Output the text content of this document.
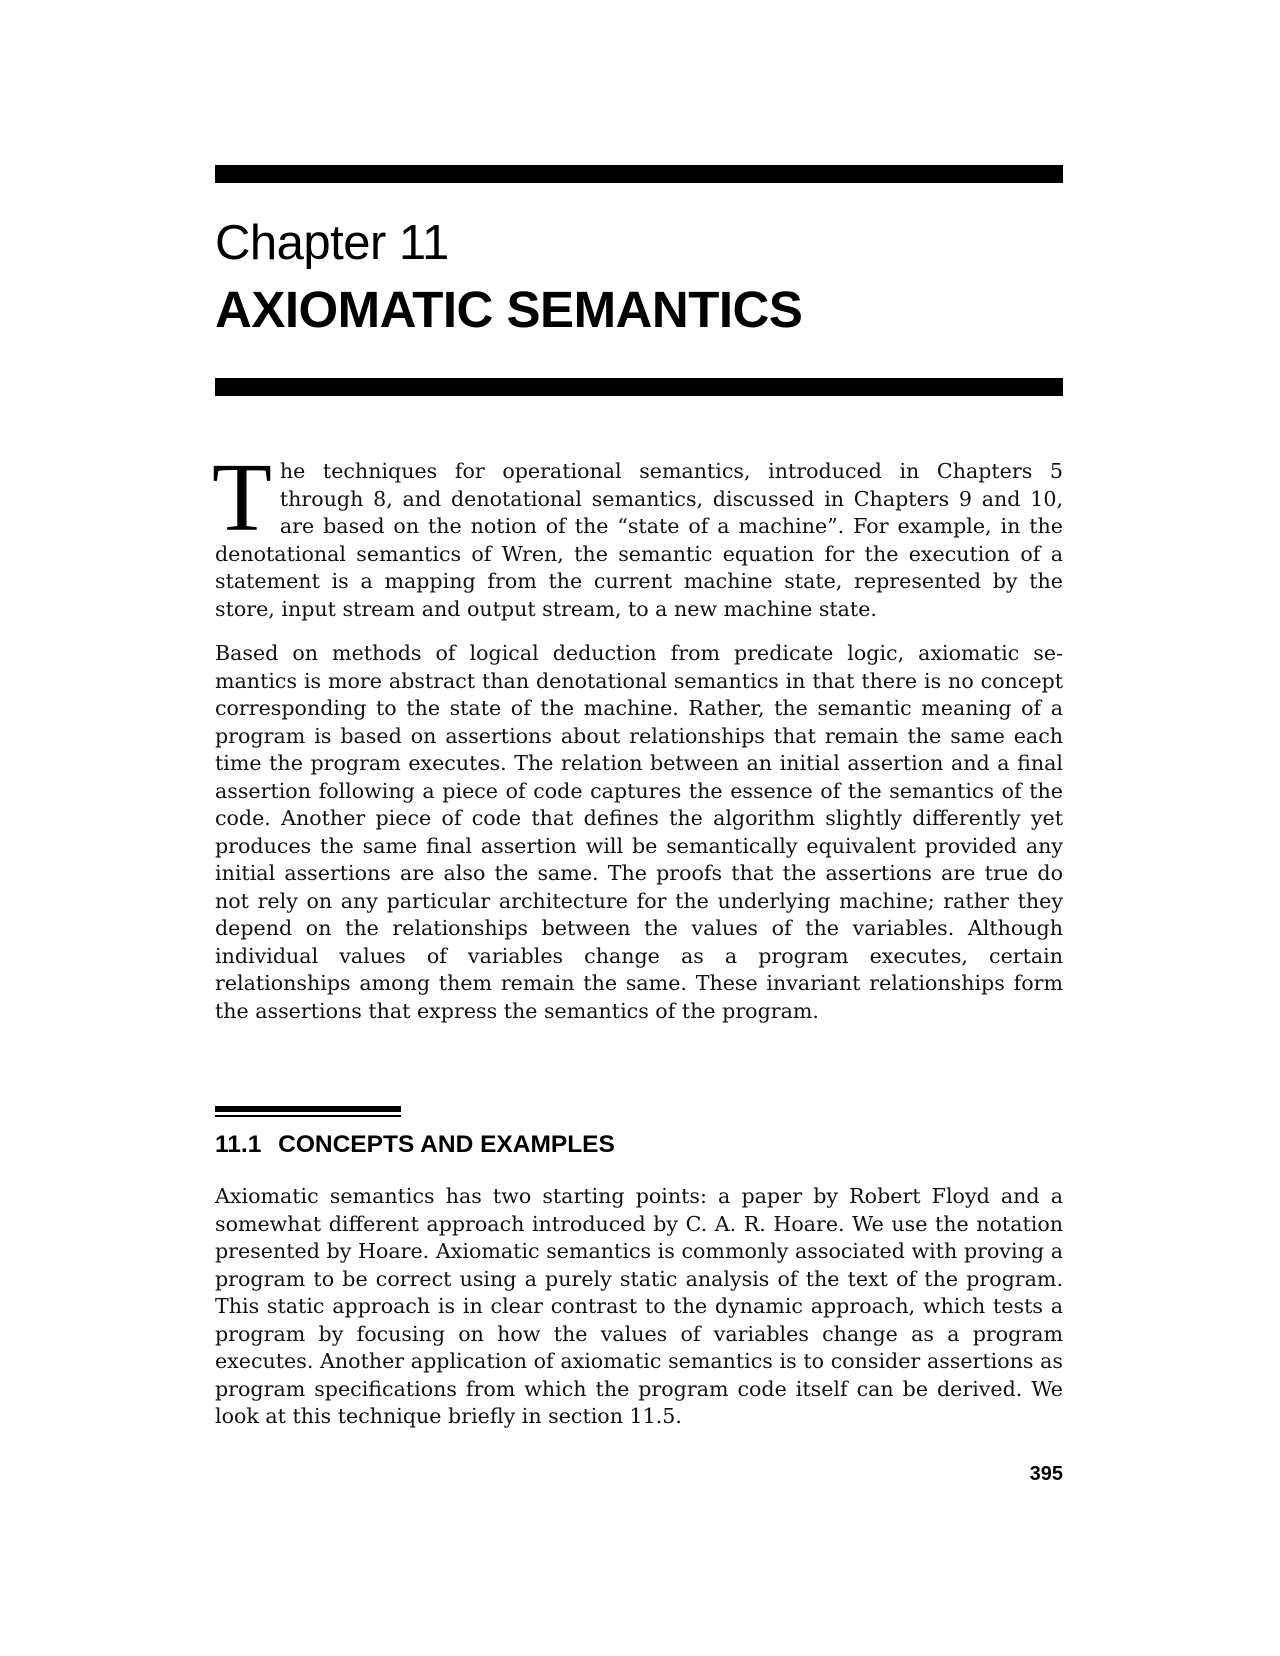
Chapter 11
AXIOMATIC SEMANTICS

The techniques for operational semantics, introduced in Chapters 5 through 8, and denotational semantics, discussed in Chapters 9 and 10, are based on the notion of the “state of a machine”. For example, in the denotational semantics of Wren, the semantic equation for the execution of a statement is a mapping from the current machine state, represented by the store, input stream and output stream, to a new machine state.

Based on methods of logical deduction from predicate logic, axiomatic semantics is more abstract than denotational semantics in that there is no concept corresponding to the state of the machine. Rather, the semantic meaning of a program is based on assertions about relationships that remain the same each time the program executes. The relation between an initial assertion and a final assertion following a piece of code captures the essence of the semantics of the code. Another piece of code that defines the algorithm slightly differently yet produces the same final assertion will be semantically equivalent provided any initial assertions are also the same. The proofs that the assertions are true do not rely on any particular architecture for the underlying machine; rather they depend on the relationships between the values of the variables. Although individual values of variables change as a program executes, certain relationships among them remain the same. These invariant relationships form the assertions that express the semantics of the program.

11.1 CONCEPTS AND EXAMPLES

Axiomatic semantics has two starting points: a paper by Robert Floyd and a somewhat different approach introduced by C. A. R. Hoare. We use the notation presented by Hoare. Axiomatic semantics is commonly associated with proving a program to be correct using a purely static analysis of the text of the program. This static approach is in clear contrast to the dynamic approach, which tests a program by focusing on how the values of variables change as a program executes. Another application of axiomatic semantics is to consider assertions as program specifications from which the program code itself can be derived. We look at this technique briefly in section 11.5.

395
